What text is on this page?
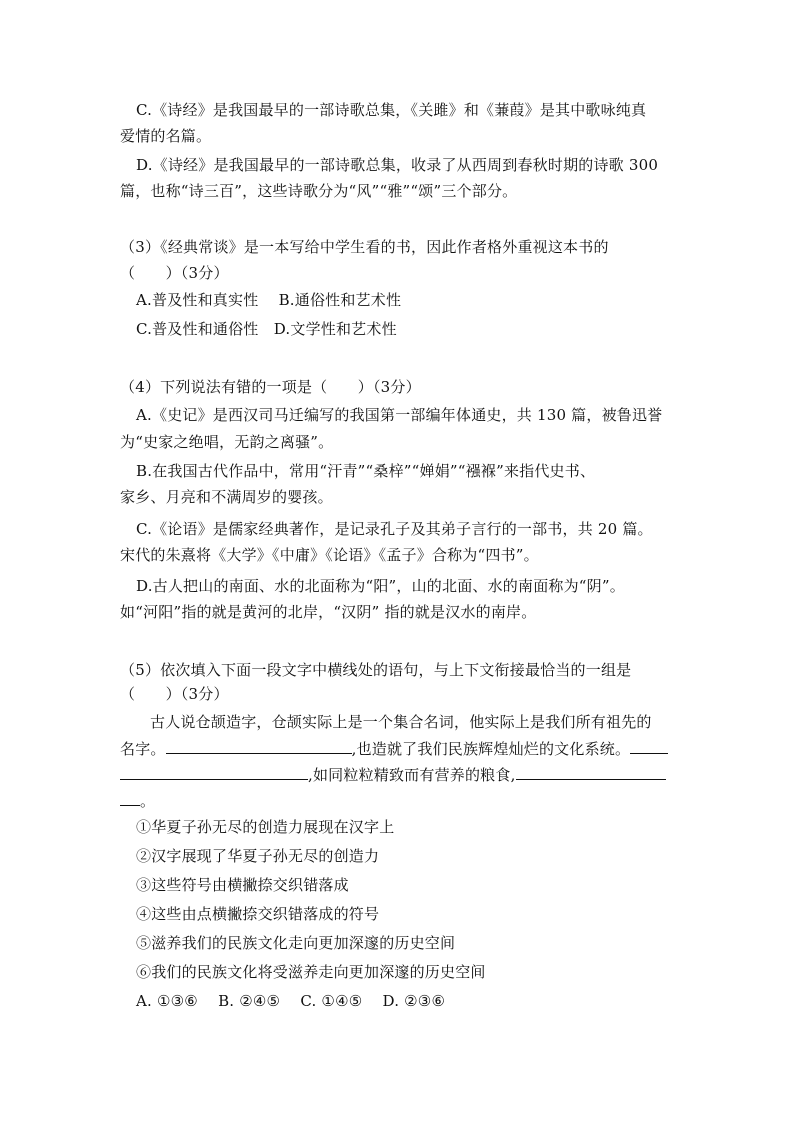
C.《诗经》是我国最早的一部诗歌总集，《关雎》和《蒹葭》是其中歌咏纯真
爱情的名篇。
D.《诗经》是我国最早的一部诗歌总集，收录了从西周到春秋时期的诗歌 300
篇，也称“诗三百”，这些诗歌分为“风”“雅”“颂”三个部分。
（3）《经典常谈》是一本写给中学生看的书，因此作者格外重视这本书的
（　　）（3分）
A.普及性和真实性　 B.通俗性和艺术性
C.普及性和通俗性　D.文学性和艺术性
（4）下列说法有错的一项是（　　）（3分）
A.《史记》是西汉司马迁编写的我国第一部编年体通史，共 130 篇，被鲁迅誉
为“史家之绝唱，无韵之离骚”。
B.在我国古代作品中，常用“汗青”“桑梓”“婵娟”“襁褓”来指代史书、
家乡、月亮和不满周岁的婴孩。
C.《论语》是儒家经典著作，是记录孔子及其弟子言行的一部书，共 20 篇。
宋代的朱熹将《大学》《中庸》《论语》《孟子》合称为“四书”。
D.古人把山的南面、水的北面称为“阳”，山的北面、水的南面称为“阴”。
如“河阳”指的就是黄河的北岸，“汉阴” 指的就是汉水的南岸。
（5）依次填入下面一段文字中横线处的语句，与上下文衔接最恰当的一组是
（　　）（3分）
古人说仓颉造字，仓颉实际上是一个集合名词，他实际上是我们所有祖先的
名字。	,也造就了我们民族辉煌灿烂的文化系统。
,如同粒粒精致而有营养的粮食,
。
①华夏子孙无尽的创造力展现在汉字上
②汉字展现了华夏子孙无尽的创造力
③这些符号由横撇捺交织错落成
④这些由点横撇捺交织错落成的符号
⑤滋养我们的民族文化走向更加深邃的历史空间
⑥我们的民族文化将受滋养走向更加深邃的历史空间
A. ①③⑥　 B. ②④⑤　 C. ①④⑤　 D. ②③⑥
